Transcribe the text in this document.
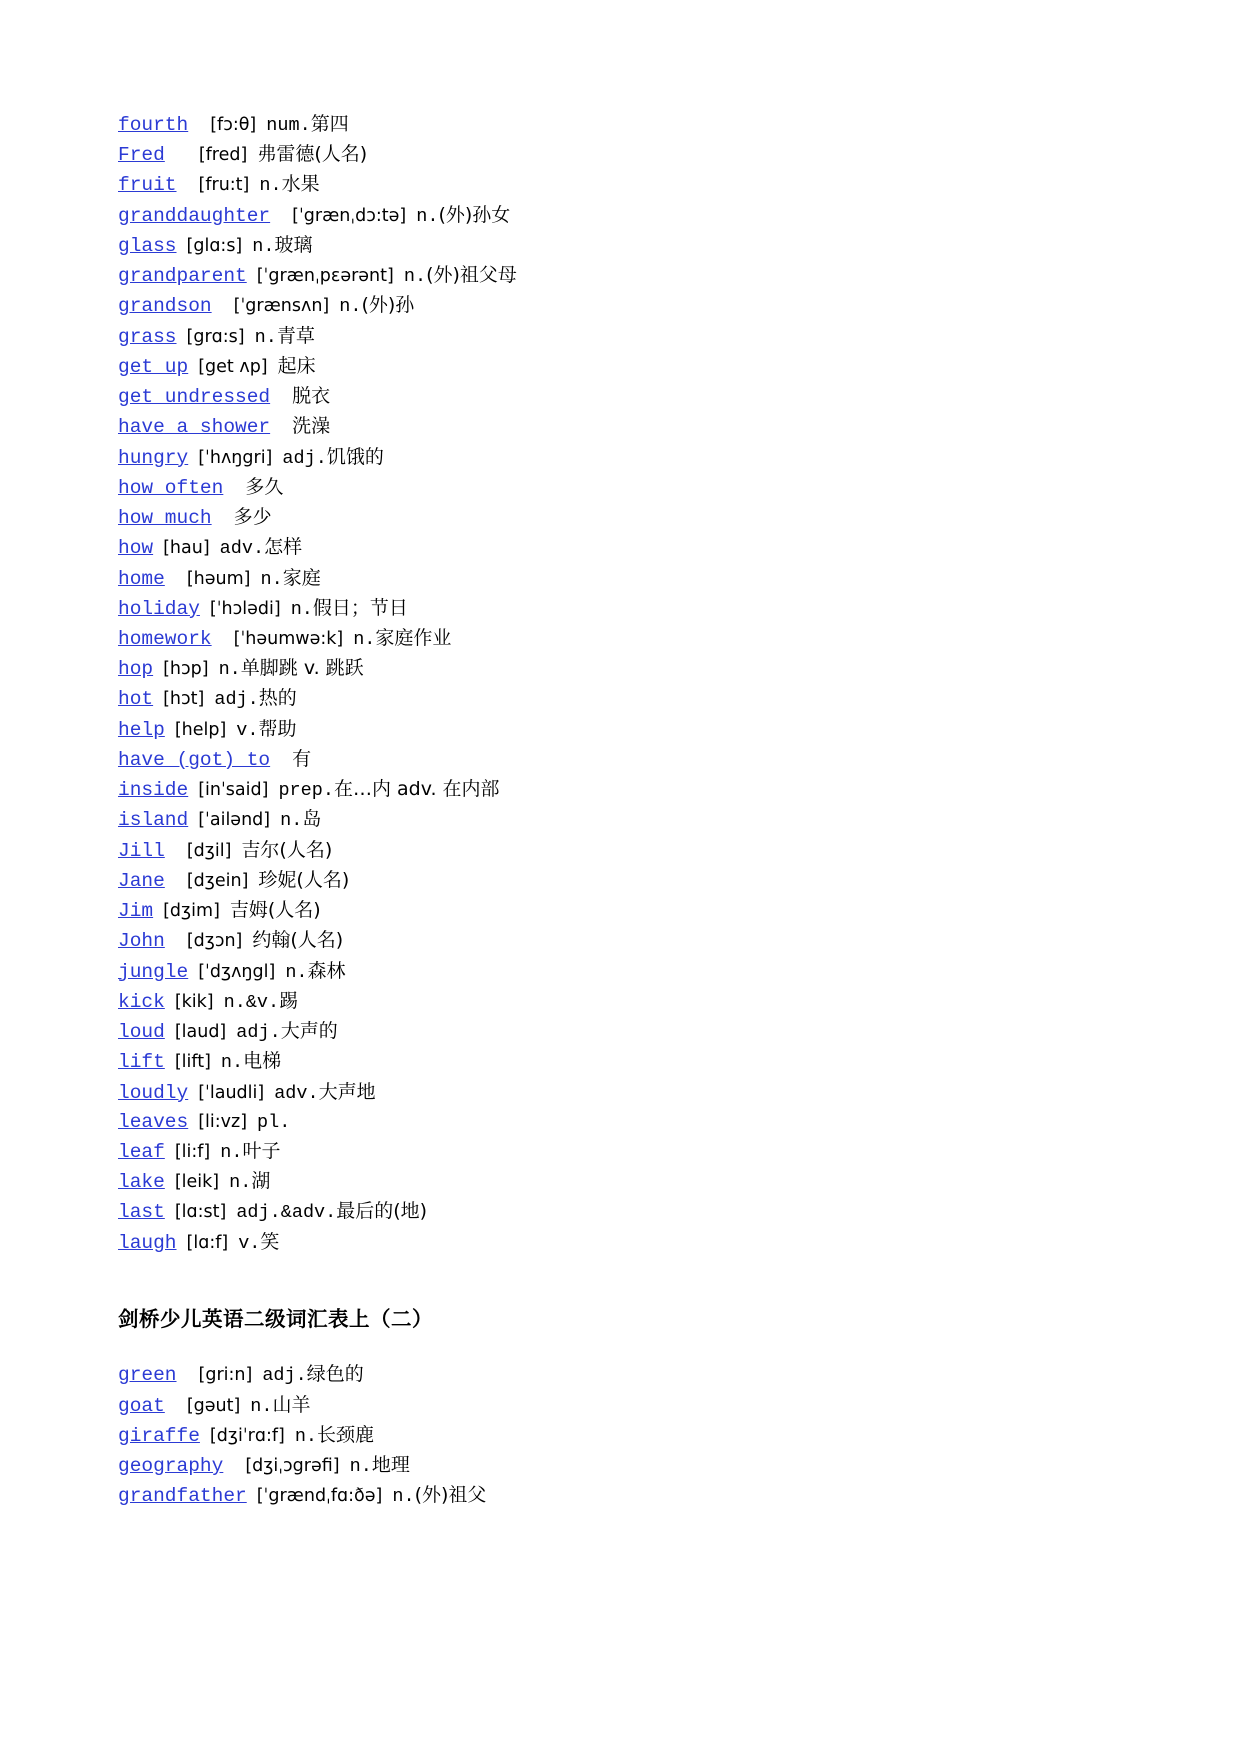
fourth [fɔ:θ] num. 第四
Fred [fred] 弗雷德(人名)
fruit [fru:t] n. 水果
granddaughter [ˈgrænˌdɔ:tə] n. (外)孙女
glass [glɑ:s] n. 玻璃
grandparent [ˈgrænˌpɛərənt] n. (外)祖父母
grandson [ˈgrænsʌn] n. (外)孙
grass [grɑ:s] n. 青草
get up [get ʌp] 起床
get undressed 脱衣
have a shower 洗澡
hungry [ˈhʌŋgri] adj. 饥饿的
how often 多久
how much 多少
how [hau] adv. 怎样
home [həum] n. 家庭
holiday [ˈhɔlədi] n. 假日；节日
homework [ˈhəumwə:k] n. 家庭作业
hop [hɔp] n. 单脚跳 v. 跳跃
hot [hɔt] adj. 热的
help [help] v. 帮助
have (got) to 有
inside [inˈsaid] prep. 在…内 adv. 在内部
island [ˈailənd] n. 岛
Jill [dʒil] 吉尔(人名)
Jane [dʒein] 珍妮(人名)
Jim [dʒim] 吉姆(人名)
John [dʒɔn] 约翰(人名)
jungle [ˈdʒʌŋgl] n. 森林
kick [kik] n.&v. 踢
loud [laud] adj. 大声的
lift [lift] n. 电梯
loudly [ˈlaudli] adv. 大声地
leaves [li:vz] pl.
leaf [li:f] n. 叶子
lake [leik] n. 湖
last [lɑ:st] adj.&adv. 最后的(地)
laugh [lɑ:f] v. 笑
剑桥少儿英语二级词汇表上（二）
green [gri:n] adj. 绿色的
goat [gəut] n. 山羊
giraffe [dʒiˈrɑ:f] n. 长颈鹿
geography [dʒiˌɔgrəfi] n. 地理
grandfather [ˈgrændˌfɑ:ðə] n. (外)祖父
